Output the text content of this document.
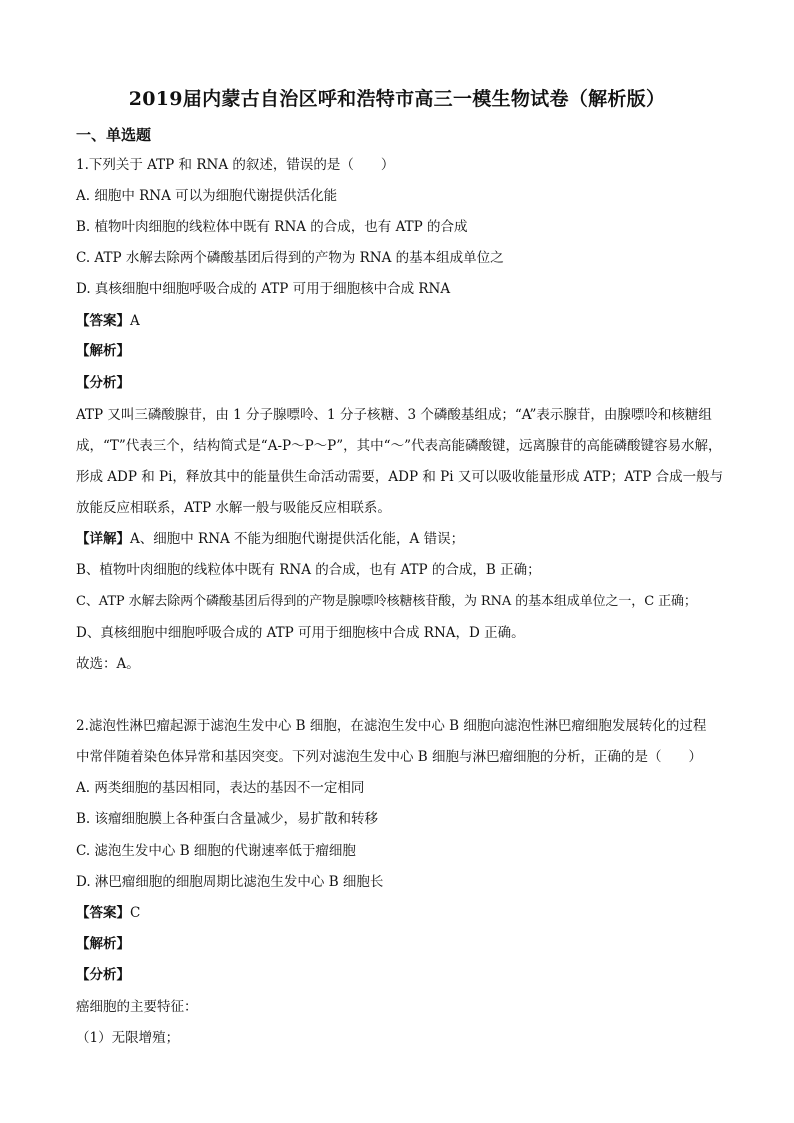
2019届内蒙古自治区呼和浩特市高三一模生物试卷（解析版）
一、单选题
1.下列关于 ATP 和 RNA 的叙述，错误的是（　　）
A. 细胞中 RNA 可以为细胞代谢提供活化能
B. 植物叶肉细胞的线粒体中既有 RNA 的合成，也有 ATP 的合成
C. ATP 水解去除两个磷酸基团后得到的产物为 RNA 的基本组成单位之
D. 真核细胞中细胞呼吸合成的 ATP 可用于细胞核中合成 RNA
【答案】A
【解析】
【分析】
ATP 又叫三磷酸腺苷，由 1 分子腺嘌呤、1 分子核糖、3 个磷酸基组成；“A”表示腺苷，由腺嘌呤和核糖组
成，“T”代表三个，结构简式是“A-P～P～P”，其中“～”代表高能磷酸键，远离腺苷的高能磷酸键容易水解，
形成 ADP 和 Pi，释放其中的能量供生命活动需要，ADP 和 Pi 又可以吸收能量形成 ATP；ATP 合成一般与
放能反应相联系，ATP 水解一般与吸能反应相联系。
【详解】A、细胞中 RNA 不能为细胞代谢提供活化能，A 错误；
B、植物叶肉细胞的线粒体中既有 RNA 的合成，也有 ATP 的合成，B 正确；
C、ATP 水解去除两个磷酸基团后得到的产物是腺嘌呤核糖核苷酸，为 RNA 的基本组成单位之一，C 正确；
D、真核细胞中细胞呼吸合成的 ATP 可用于细胞核中合成 RNA，D 正确。
故选：A。
2.滤泡性淋巴瘤起源于滤泡生发中心 B 细胞，在滤泡生发中心 B 细胞向滤泡性淋巴瘤细胞发展转化的过程
中常伴随着染色体异常和基因突变。下列对滤泡生发中心 B 细胞与淋巴瘤细胞的分析，正确的是（　　）
A. 两类细胞的基因相同，表达的基因不一定相同
B. 该瘤细胞膜上各种蛋白含量减少，易扩散和转移
C. 滤泡生发中心 B 细胞的代谢速率低于瘤细胞
D. 淋巴瘤细胞的细胞周期比滤泡生发中心 B 细胞长
【答案】C
【解析】
【分析】
癌细胞的主要特征：
（1）无限增殖；
